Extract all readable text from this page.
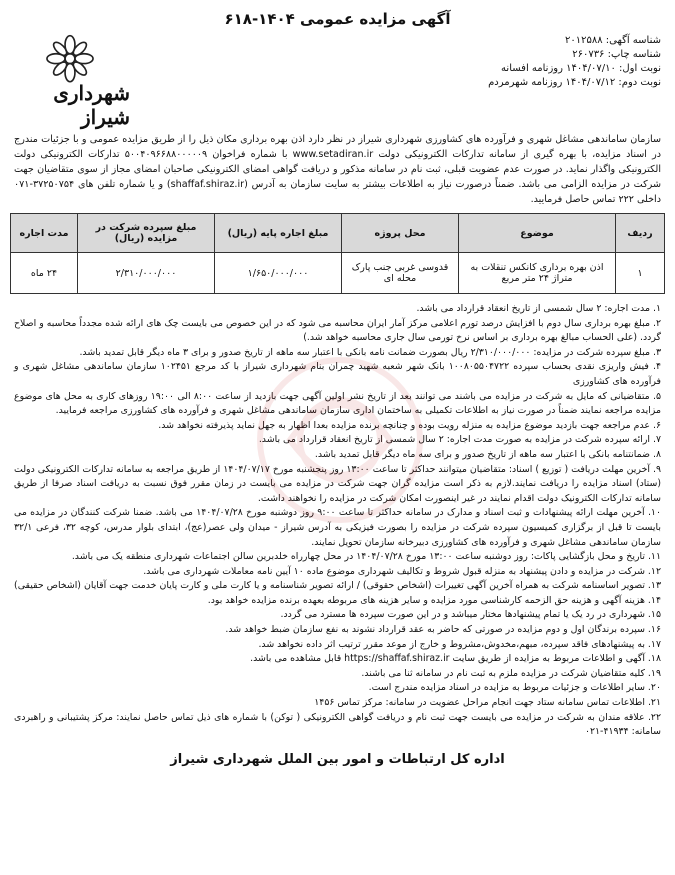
آگهی مزایده عمومی ۶۱۸-۱۴۰۴
شناسه آگهی: ۲۰۱۲۵۸۸
شناسه چاپ: ۲۶۰۷۳۶
نوبت اول: ۱۴۰۴/۰۷/۱۰ روزنامه افسانه
نوبت دوم: ۱۴۰۴/۰۷/۱۲ روزنامه شهرمردم
شهرداری شیراز
سازمان ساماندهی مشاغل شهری و فرآورده های کشاورزی شهرداری شیراز در نظر دارد اذن بهره برداری مکان ذیل را از طریق مزایده عمومی و با جزئیات مندرج در اسناد مزایده، با بهره گیری از سامانه تدارکات الکترونیکی دولت www.setadiran.ir با شماره فراخوان ۵۰۰۴۰۹۶۶۸۸۰۰۰۰۰۹ تدارکات الکترونیکی دولت الکترونیکی واگذار نماید. در صورت عدم عضویت قبلی، ثبت نام در سامانه مذکور و دریافت گواهی امضای الکترونیکی صاحبان امضای مجاز از سوی متقاضیان جهت شرکت در مزایده الزامی می باشد. ضمناً درصورت نیاز به اطلاعات بیشتر به سایت سازمان به آدرس (shaffaf.shiraz.ir) و یا شماره تلفن های ۳۷۲۵۰۷۵۴-۰۷۱ داخلی ۲۲۲ تماس حاصل فرمایید.
ردیف	موضوع	محل پروژه	مبلغ اجاره پایه (ریال)	مبلغ سپرده شرکت در مزایده (ریال)	مدت اجاره
۱	اذن بهره برداری کانکس تنقلات به متراژ ۲۴ متر مربع	قدوسی غربی جنب پارک محله ای	۱/۶۵۰/۰۰۰/۰۰۰	۲/۳۱۰/۰۰۰/۰۰۰	۲۴ ماه

۱. مدت اجاره: ۲ سال شمسی از تاریخ انعقاد قرارداد می باشد.

۲. مبلغ بهره برداری سال دوم با افزایش درصد تورم اعلامی مرکز آمار ایران محاسبه می شود که در این خصوص می بایست چک های ارائه شده مجدداً محاسبه و اصلاح گردد. (علی الحساب مبالغ بهره برداری بر اساس نرخ تورمی سال جاری محاسبه خواهد شد.)

۳. مبلغ سپرده شرکت در مزایده: ۲/۳۱۰/۰۰۰/۰۰۰ ریال بصورت ضمانت نامه بانکی با اعتبار سه ماهه از تاریخ صدور و برای ۳ ماه دیگر قابل تمدید باشد.

۴. فیش واریزی نقدی بحساب سپرده ۱۰۰۸۰۵۵۰۴۷۲۲ بانک شهر شعبه شهید چمران بنام شهرداری شیراز با کد مرجع ۱۰۲۴۵۱ سازمان ساماندهی مشاغل شهری و فرآورده های کشاورزی

۵. متقاضیانی که مایل به شرکت در مزایده می باشند می توانند بعد از تاریخ نشر اولین آگهی جهت بازدید از ساعت ۸:۰۰ الی ۱۹:۰۰ روزهای کاری به محل های موضوع مزایده مراجعه نمایند ضمناً در صورت نیاز به اطلاعات تکمیلی به ساختمان اداری سازمان ساماندهی مشاغل شهری و فرآورده های کشاورزی مراجعه فرمایید.

۶. عدم مراجعه جهت بازدید موضوع مزایده به منزله رویت بوده و چنانچه برنده مزایده بعدا اظهار به جهل نماید پذیرفته نخواهد شد.

۷. ارائه سپرده شرکت در مزایده به صورت مدت اجاره: ۲ سال شمسی از تاریخ انعقاد قرارداد می باشد.

۸. ضمانتنامه بانکی با اعتبار سه ماهه از تاریخ صدور و برای سه ماه دیگر قابل تمدید باشد.

۹. آخرین مهلت دریافت ( توزیع ) اسناد: متقاضیان میتوانند حداکثر تا ساعت ۱۳:۰۰ روز پنجشنبه مورخ ۱۴۰۴/۰۷/۱۷ از طریق مراجعه به سامانه تدارکات الکترونیکی دولت (ستاد) اسناد مزایده را دریافت نمایند.لازم به ذکر است مزایده گران جهت شرکت در مزایده می بایست در زمان مقرر فوق نسبت به دریافت اسناد صرفا از طریق سامانه تدارکات الکترونیک دولت اقدام نمایند در غیر اینصورت امکان شرکت در مزایده را نخواهند داشت.

۱۰. آخرین مهلت ارائه پیشنهادات و ثبت اسناد و مدارک در سامانه حداکثر تا ساعت ۹:۰۰ روز دوشنبه مورخ ۱۴۰۴/۰۷/۲۸ می باشد. ضمنا شرکت کنندگان در مزایده می بایست تا قبل از برگزاری کمیسیون سپرده شرکت در مزایده را بصورت فیزیکی به آدرس شیراز - میدان ولی عصر(عج)، ابتدای بلوار مدرس، کوچه ۳۲، فرعی ۳۲/۱ سازمان ساماندهی مشاغل شهری و فرآورده های کشاورزی دبیرخانه سازمان تحویل نمایند.

۱۱. تاریخ و محل بازگشایی پاکات: روز دوشنبه ساعت ۱۳:۰۰ مورخ ۱۴۰۴/۰۷/۲۸ در محل چهارراه خلدبرین سالن اجتماعات شهرداری منطقه یک می باشد.

۱۲. شرکت در مزایده و دادن پیشنهاد به منزله قبول شروط و تکالیف شهرداری موضوع ماده ۱۰ آیین نامه معاملات شهرداری می باشد.

۱۳. تصویر اساسنامه شرکت به همراه آخرین آگهی تغییرات (اشخاص حقوقی) / ارائه تصویر شناسنامه و یا کارت ملی و کارت پایان خدمت جهت آقایان (اشخاص حقیقی)

۱۴. هزینه آگهی و هزینه حق الزحمه کارشناسی مورد مزایده و سایر هزینه های مربوطه بعهده برنده مزایده خواهد بود.

۱۵. شهرداری در رد یک یا تمام پیشنهادها مختار میباشد و در این صورت سپرده ها مسترد می گردد.

۱۶. سپرده برندگان اول و دوم مزایده در صورتی که حاضر به عقد قرارداد نشوند به نفع سازمان ضبط خواهد شد.

۱۷. به پیشنهادهای فاقد سپرده، مبهم،مخدوش،مشروط و خارج از موعد مقرر ترتیب اثر داده نخواهد شد.

۱۸. آگهی و اطلاعات مربوط به مزایده از طریق سایت https://shaffaf.shiraz.ir قابل مشاهده می باشد.

۱۹. کلیه متقاضیان شرکت در مزایده ملزم به ثبت نام در سامانه ثنا می باشند.

۲۰. سایر اطلاعات و جزئیات مربوط به مزایده در اسناد مزایده مندرج است.

۲۱. اطلاعات تماس سامانه ستاد جهت انجام مراحل عضویت در سامانه: مرکز تماس ۱۴۵۶

۲۲. علاقه مندان به شرکت در مزایده می بایست جهت ثبت نام و دریافت گواهی الکترونیکی ( توکن) با شماره های ذیل تماس حاصل نمایند: مرکز پشتیبانی و راهبردی سامانه: ۴۱۹۳۴-۰۲۱

اداره کل ارتباطات و امور بین الملل شهرداری شیراز
